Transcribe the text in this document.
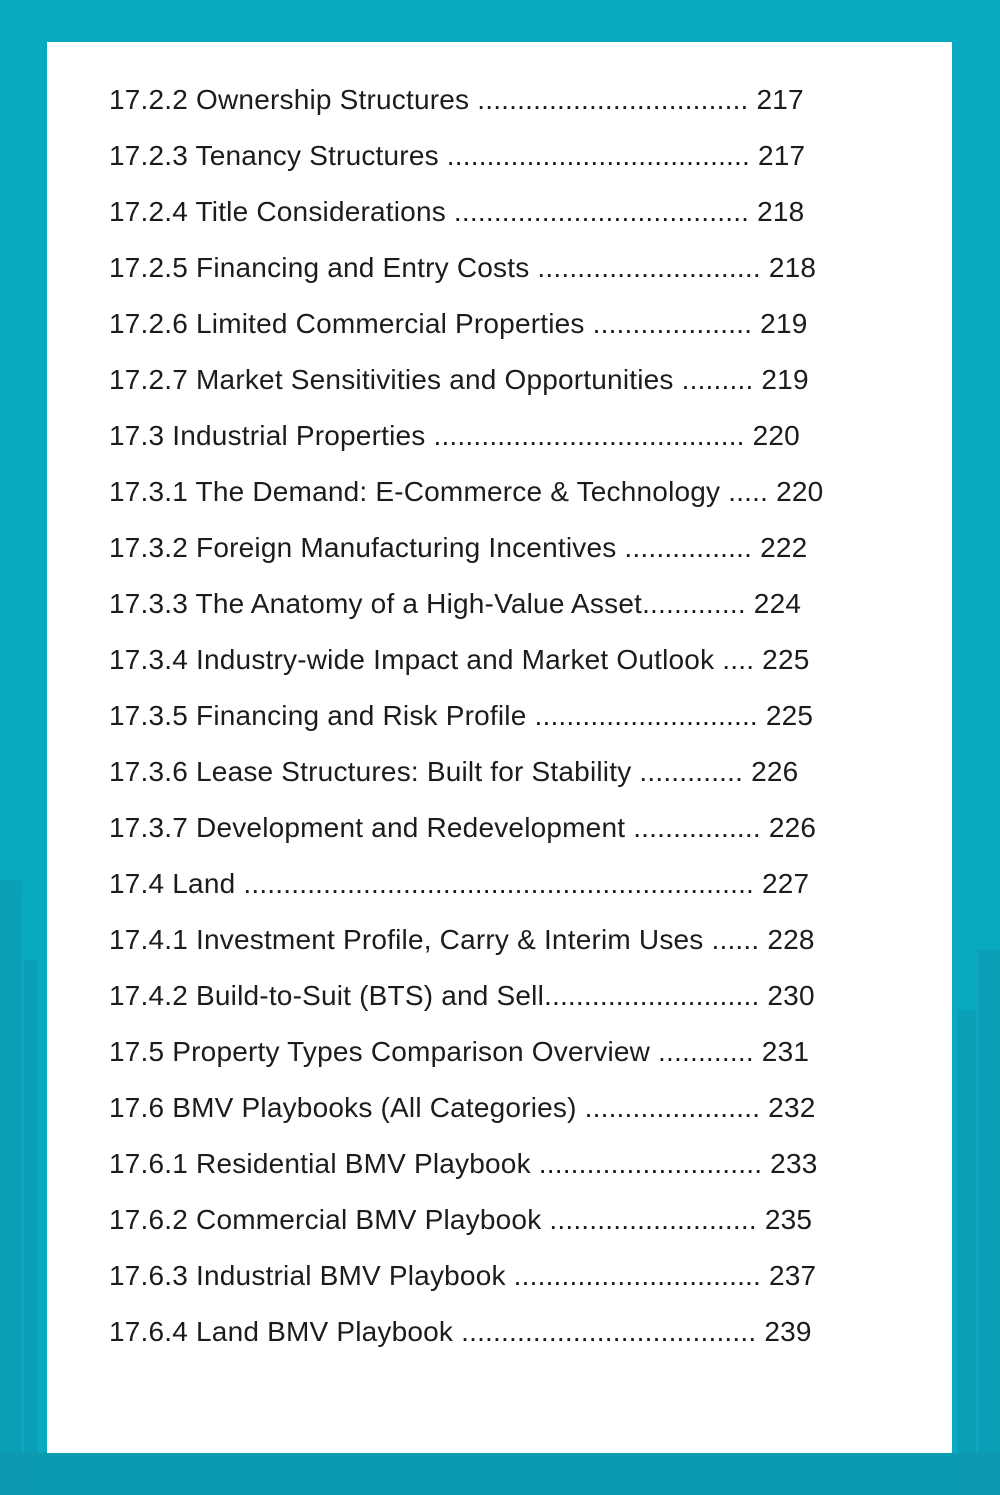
17.2.2 Ownership Structures .................................. 217
17.2.3 Tenancy Structures ...................................... 217
17.2.4 Title Considerations ..................................... 218
17.2.5 Financing and Entry Costs ............................ 218
17.2.6 Limited Commercial Properties .................... 219
17.2.7 Market Sensitivities and Opportunities ......... 219
17.3 Industrial Properties ....................................... 220
17.3.1 The Demand: E-Commerce & Technology ..... 220
17.3.2 Foreign Manufacturing Incentives ................ 222
17.3.3 The Anatomy of a High-Value Asset............. 224
17.3.4 Industry-wide Impact and Market Outlook .... 225
17.3.5 Financing and Risk Profile ............................ 225
17.3.6 Lease Structures: Built for Stability ............. 226
17.3.7 Development and Redevelopment ................ 226
17.4 Land ................................................................ 227
17.4.1 Investment Profile, Carry & Interim Uses ...... 228
17.4.2 Build-to-Suit (BTS) and Sell........................... 230
17.5 Property Types Comparison Overview ............ 231
17.6 BMV Playbooks (All Categories) ...................... 232
17.6.1 Residential BMV Playbook ............................ 233
17.6.2 Commercial BMV Playbook .......................... 235
17.6.3 Industrial BMV Playbook ............................... 237
17.6.4 Land BMV Playbook ..................................... 239
